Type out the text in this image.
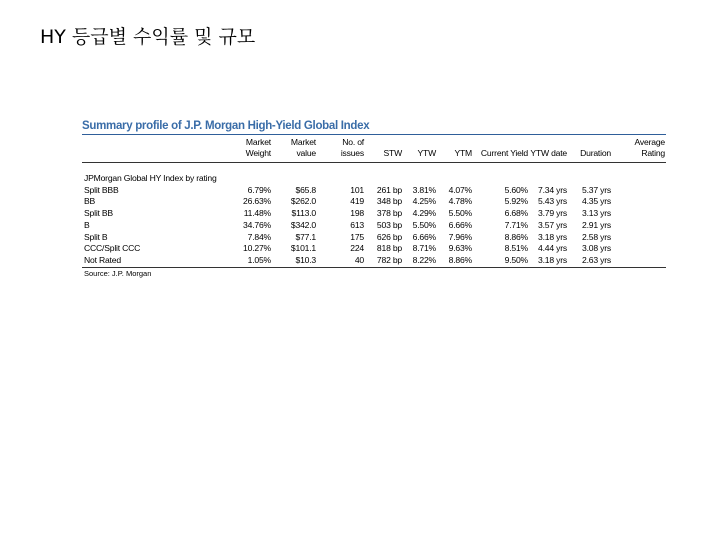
HY 등급별 수익률 및 규모
Summary profile of J.P. Morgan High-Yield Global Index
	Market Weight	Market value	No. of issues	STW	YTW	YTM	Current Yield	YTW date	Duration	Average Rating
JPMorgan Global HY Index by rating										
Split BBB	6.79%	$65.8	101	261 bp	3.81%	4.07%	5.60%	7.34 yrs	5.37 yrs	
BB	26.63%	$262.0	419	348 bp	4.25%	4.78%	5.92%	5.43 yrs	4.35 yrs	
Split BB	11.48%	$113.0	198	378 bp	4.29%	5.50%	6.68%	3.79 yrs	3.13 yrs	
B	34.76%	$342.0	613	503 bp	5.50%	6.66%	7.71%	3.57 yrs	2.91 yrs	
Split B	7.84%	$77.1	175	626 bp	6.66%	7.96%	8.86%	3.18 yrs	2.58 yrs	
CCC/Split CCC	10.27%	$101.1	224	818 bp	8.71%	9.63%	8.51%	4.44 yrs	3.08 yrs	
Not Rated	1.05%	$10.3	40	782 bp	8.22%	8.86%	9.50%	3.18 yrs	2.63 yrs	
Source: J.P. Morgan
